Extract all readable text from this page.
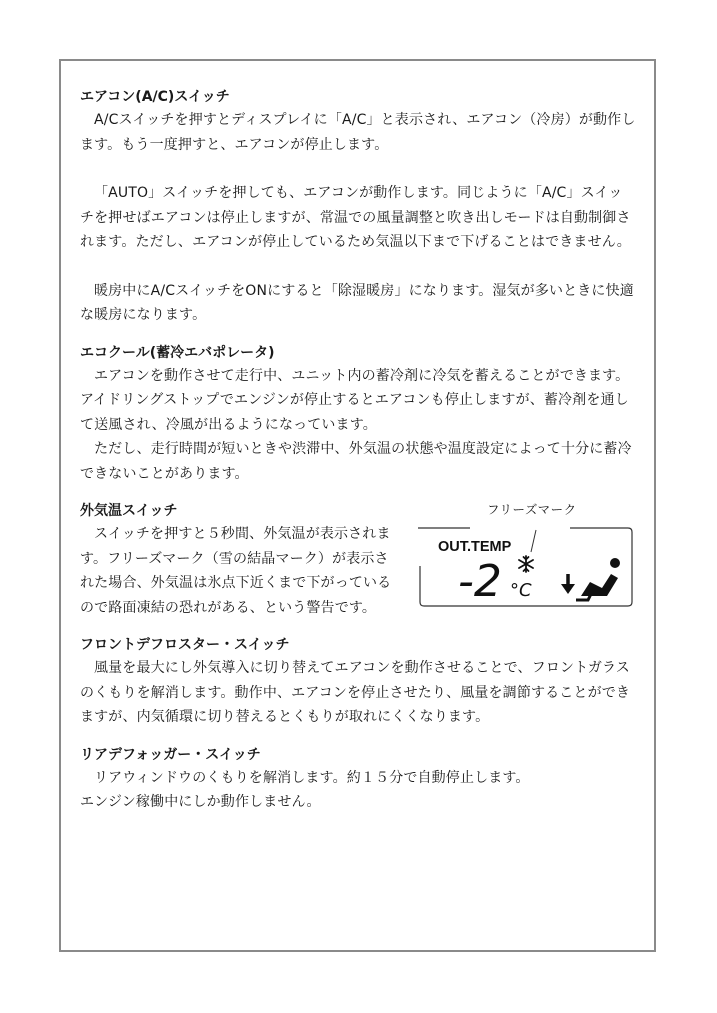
エアコン(A/C)スイッチ

A/Cスイッチを押すとディスプレイに「A/C」と表示され、エアコン（冷房）が動作します。もう一度押すと、エアコンが停止します。

「AUTO」スイッチを押しても、エアコンが動作します。同じように「A/C」スイッチを押せばエアコンは停止しますが、常温での風量調整と吹き出しモードは自動制御されます。ただし、エアコンが停止しているため気温以下まで下げることはできません。

暖房中にA/CスイッチをONにすると「除湿暖房」になります。湿気が多いときに快適な暖房になります。

エコクール(蓄冷エバポレータ)

エアコンを動作させて走行中、ユニット内の蓄冷剤に冷気を蓄えることができます。アイドリングストップでエンジンが停止するとエアコンも停止しますが、蓄冷剤を通して送風され、冷風が出るようになっています。

ただし、走行時間が短いときや渋滞中、外気温の状態や温度設定によって十分に蓄冷できないことがあります。

外気温スイッチ

スイッチを押すと５秒間、外気温が表示されます。フリーズマーク（雪の結晶マーク）が表示された場合、外気温は氷点下近くまで下がっているので路面凍結の恐れがある、という警告です。

フリーズマーク
OUT.TEMP
-2 °C
フロントデフロスター・スイッチ

風量を最大にし外気導入に切り替えてエアコンを動作させることで、フロントガラスのくもりを解消します。動作中、エアコンを停止させたり、風量を調節することができますが、内気循環に切り替えるとくもりが取れにくくなります。

リアデフォッガー・スイッチ

リアウィンドウのくもりを解消します。約１５分で自動停止します。

エンジン稼働中にしか動作しません。
